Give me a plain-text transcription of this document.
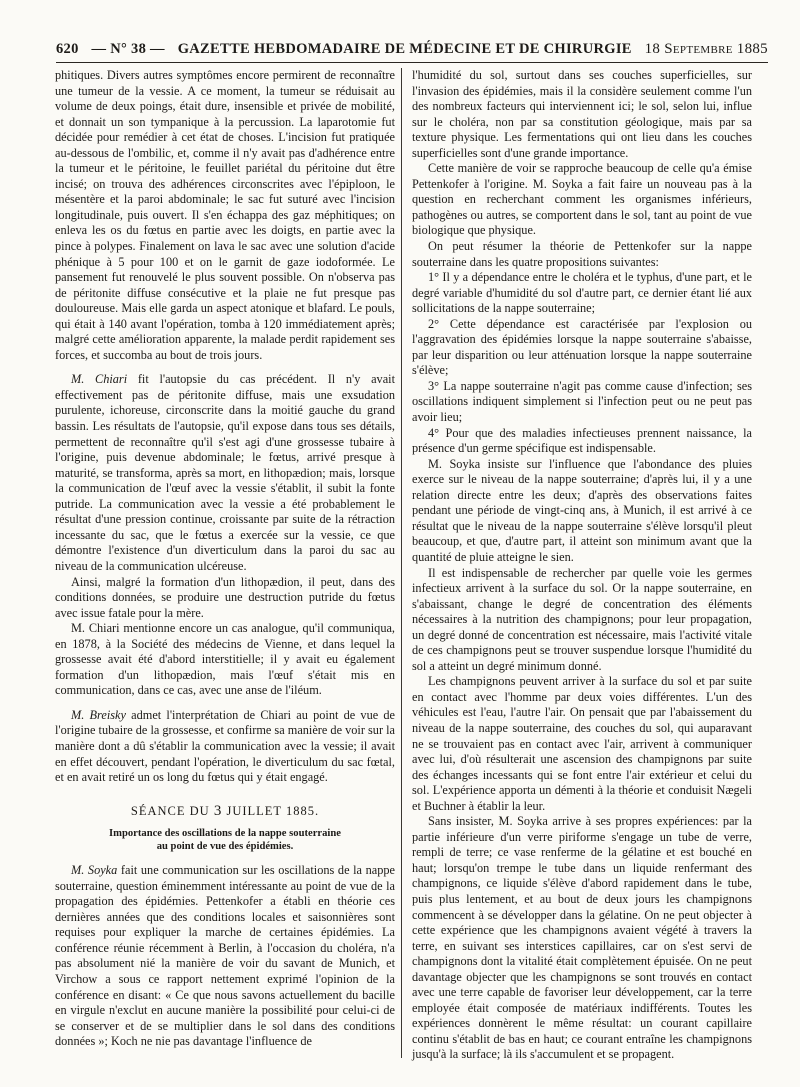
620 — N° 38 — GAZETTE HEBDOMADAIRE DE MÉDECINE ET DE CHIRURGIE 18 Septembre 1885

phitiques. Divers autres symptômes encore permirent de reconnaître une tumeur de la vessie. A ce moment, la tumeur se réduisait au volume de deux poings, était dure, insensible et privée de mobilité, et donnait un son tympanique à la percussion. La laparotomie fut décidée pour remédier à cet état de choses. L'incision fut pratiquée au-dessous de l'ombilic, et, comme il n'y avait pas d'adhérence entre la tumeur et le péritoine, le feuillet pariétal du péritoine dut être incisé; on trouva des adhérences circonscrites avec l'épiploon, le mésentère et la paroi abdominale; le sac fut suturé avec l'incision longitudinale, puis ouvert. Il s'en échappa des gaz méphitiques; on enleva les os du fœtus en partie avec les doigts, en partie avec la pince à polypes. Finalement on lava le sac avec une solution d'acide phénique à 5 pour 100 et on le garnit de gaze iodoformée. Le pansement fut renouvelé le plus souvent possible. On n'observa pas de péritonite diffuse consécutive et la plaie ne fut presque pas douloureuse. Mais elle garda un aspect atonique et blafard. Le pouls, qui était à 140 avant l'opération, tomba à 120 immédiatement après; malgré cette amélioration apparente, la malade perdit rapidement ses forces, et succomba au bout de trois jours.

M. Chiari fit l'autopsie du cas précédent. Il n'y avait effectivement pas de péritonite diffuse, mais une exsudation purulente, ichoreuse, circonscrite dans la moitié gauche du grand bassin. Les résultats de l'autopsie, qu'il expose dans tous ses détails, permettent de reconnaître qu'il s'est agi d'une grossesse tubaire à l'origine, puis devenue abdominale; le fœtus, arrivé presque à maturité, se transforma, après sa mort, en lithopædion; mais, lorsque la communication de l'œuf avec la vessie s'établit, il subit la fonte putride. La communication avec la vessie a été probablement le résultat d'une pression continue, croissante par suite de la rétraction incessante du sac, que le fœtus a exercée sur la vessie, ce que démontre l'existence d'un diverticulum dans la paroi du sac au niveau de la communication ulcéreuse.

Ainsi, malgré la formation d'un lithopædion, il peut, dans des conditions données, se produire une destruction putride du fœtus avec issue fatale pour la mère.

M. Chiari mentionne encore un cas analogue, qu'il communiqua, en 1878, à la Société des médecins de Vienne, et dans lequel la grossesse avait été d'abord interstitielle; il y avait eu également formation d'un lithopædion, mais l'œuf s'était mis en communication, dans ce cas, avec une anse de l'iléum.

M. Breisky admet l'interprétation de Chiari au point de vue de l'origine tubaire de la grossesse, et confirme sa manière de voir sur la manière dont a dû s'établir la communication avec la vessie; il avait en effet découvert, pendant l'opération, le diverticulum du sac fœtal, et en avait retiré un os long du fœtus qui y était engagé.

SÉANCE DU 3 JUILLET 1885.
Importance des oscillations de la nappe souterraine
au point de vue des épidémies.

M. Soyka fait une communication sur les oscillations de la nappe souterraine, question éminemment intéressante au point de vue de la propagation des épidémies. Pettenkofer a établi en théorie ces dernières années que des conditions locales et saisonnières sont requises pour expliquer la marche de certaines épidémies. La conférence réunie récemment à Berlin, à l'occasion du choléra, n'a pas absolument nié la manière de voir du savant de Munich, et Virchow a sous ce rapport nettement exprimé l'opinion de la conférence en disant: « Ce que nous savons actuellement du bacille en virgule n'exclut en aucune manière la possibilité pour celui-ci de se conserver et de se multiplier dans le sol dans des conditions données »; Koch ne nie pas davantage l'influence de

l'humidité du sol, surtout dans ses couches superficielles, sur l'invasion des épidémies, mais il la considère seulement comme l'un des nombreux facteurs qui interviennent ici; le sol, selon lui, influe sur le choléra, non par sa constitution géologique, mais par sa texture physique. Les fermentations qui ont lieu dans les couches superficielles sont d'une grande importance.

Cette manière de voir se rapproche beaucoup de celle qu'a émise Pettenkofer à l'origine. M. Soyka a fait faire un nouveau pas à la question en recherchant comment les organismes inférieurs, pathogènes ou autres, se comportent dans le sol, tant au point de vue biologique que physique.

On peut résumer la théorie de Pettenkofer sur la nappe souterraine dans les quatre propositions suivantes:

1° Il y a dépendance entre le choléra et le typhus, d'une part, et le degré variable d'humidité du sol d'autre part, ce dernier étant lié aux sollicitations de la nappe souterraine;

2° Cette dépendance est caractérisée par l'explosion ou l'aggravation des épidémies lorsque la nappe souterraine s'abaisse, par leur disparition ou leur atténuation lorsque la nappe souterraine s'élève;

3° La nappe souterraine n'agit pas comme cause d'infection; ses oscillations indiquent simplement si l'infection peut ou ne peut pas avoir lieu;

4° Pour que des maladies infectieuses prennent naissance, la présence d'un germe spécifique est indispensable.

M. Soyka insiste sur l'influence que l'abondance des pluies exerce sur le niveau de la nappe souterraine; d'après lui, il y a une relation directe entre les deux; d'après des observations faites pendant une période de vingt-cinq ans, à Munich, il est arrivé à ce résultat que le niveau de la nappe souterraine s'élève lorsqu'il pleut beaucoup, et que, d'autre part, il atteint son minimum avant que la quantité de pluie atteigne le sien.

Il est indispensable de rechercher par quelle voie les germes infectieux arrivent à la surface du sol. Or la nappe souterraine, en s'abaissant, change le degré de concentration des éléments nécessaires à la nutrition des champignons; pour leur propagation, un degré donné de concentration est nécessaire, mais l'activité vitale de ces champignons peut se trouver suspendue lorsque l'humidité du sol a atteint un degré minimum donné.

Les champignons peuvent arriver à la surface du sol et par suite en contact avec l'homme par deux voies différentes. L'un des véhicules est l'eau, l'autre l'air. On pensait que par l'abaissement du niveau de la nappe souterraine, des couches du sol, qui auparavant ne se trouvaient pas en contact avec l'air, arrivent à communiquer avec lui, d'où résulterait une ascension des champignons par suite des échanges incessants qui se font entre l'air extérieur et celui du sol. L'expérience apporta un démenti à la théorie et conduisit Nægeli et Buchner à établir la leur.

Sans insister, M. Soyka arrive à ses propres expériences: par la partie inférieure d'un verre piriforme s'engage un tube de verre, rempli de terre; ce vase renferme de la gélatine et est bouché en haut; lorsqu'on trempe le tube dans un liquide renfermant des champignons, ce liquide s'élève d'abord rapidement dans le tube, puis plus lentement, et au bout de deux jours les champignons commencent à se développer dans la gélatine. On ne peut objecter à cette expérience que les champignons avaient végété à travers la terre, en suivant ses interstices capillaires, car on s'est servi de champignons dont la vitalité était complètement épuisée. On ne peut davantage objecter que les champignons se sont trouvés en contact avec une terre capable de favoriser leur développement, car la terre employée était composée de matériaux indifférents. Toutes les expériences donnèrent le même résultat: un courant capillaire continu s'établit de bas en haut; ce courant entraîne les champignons jusqu'à la surface; là ils s'accumulent et se propagent.
